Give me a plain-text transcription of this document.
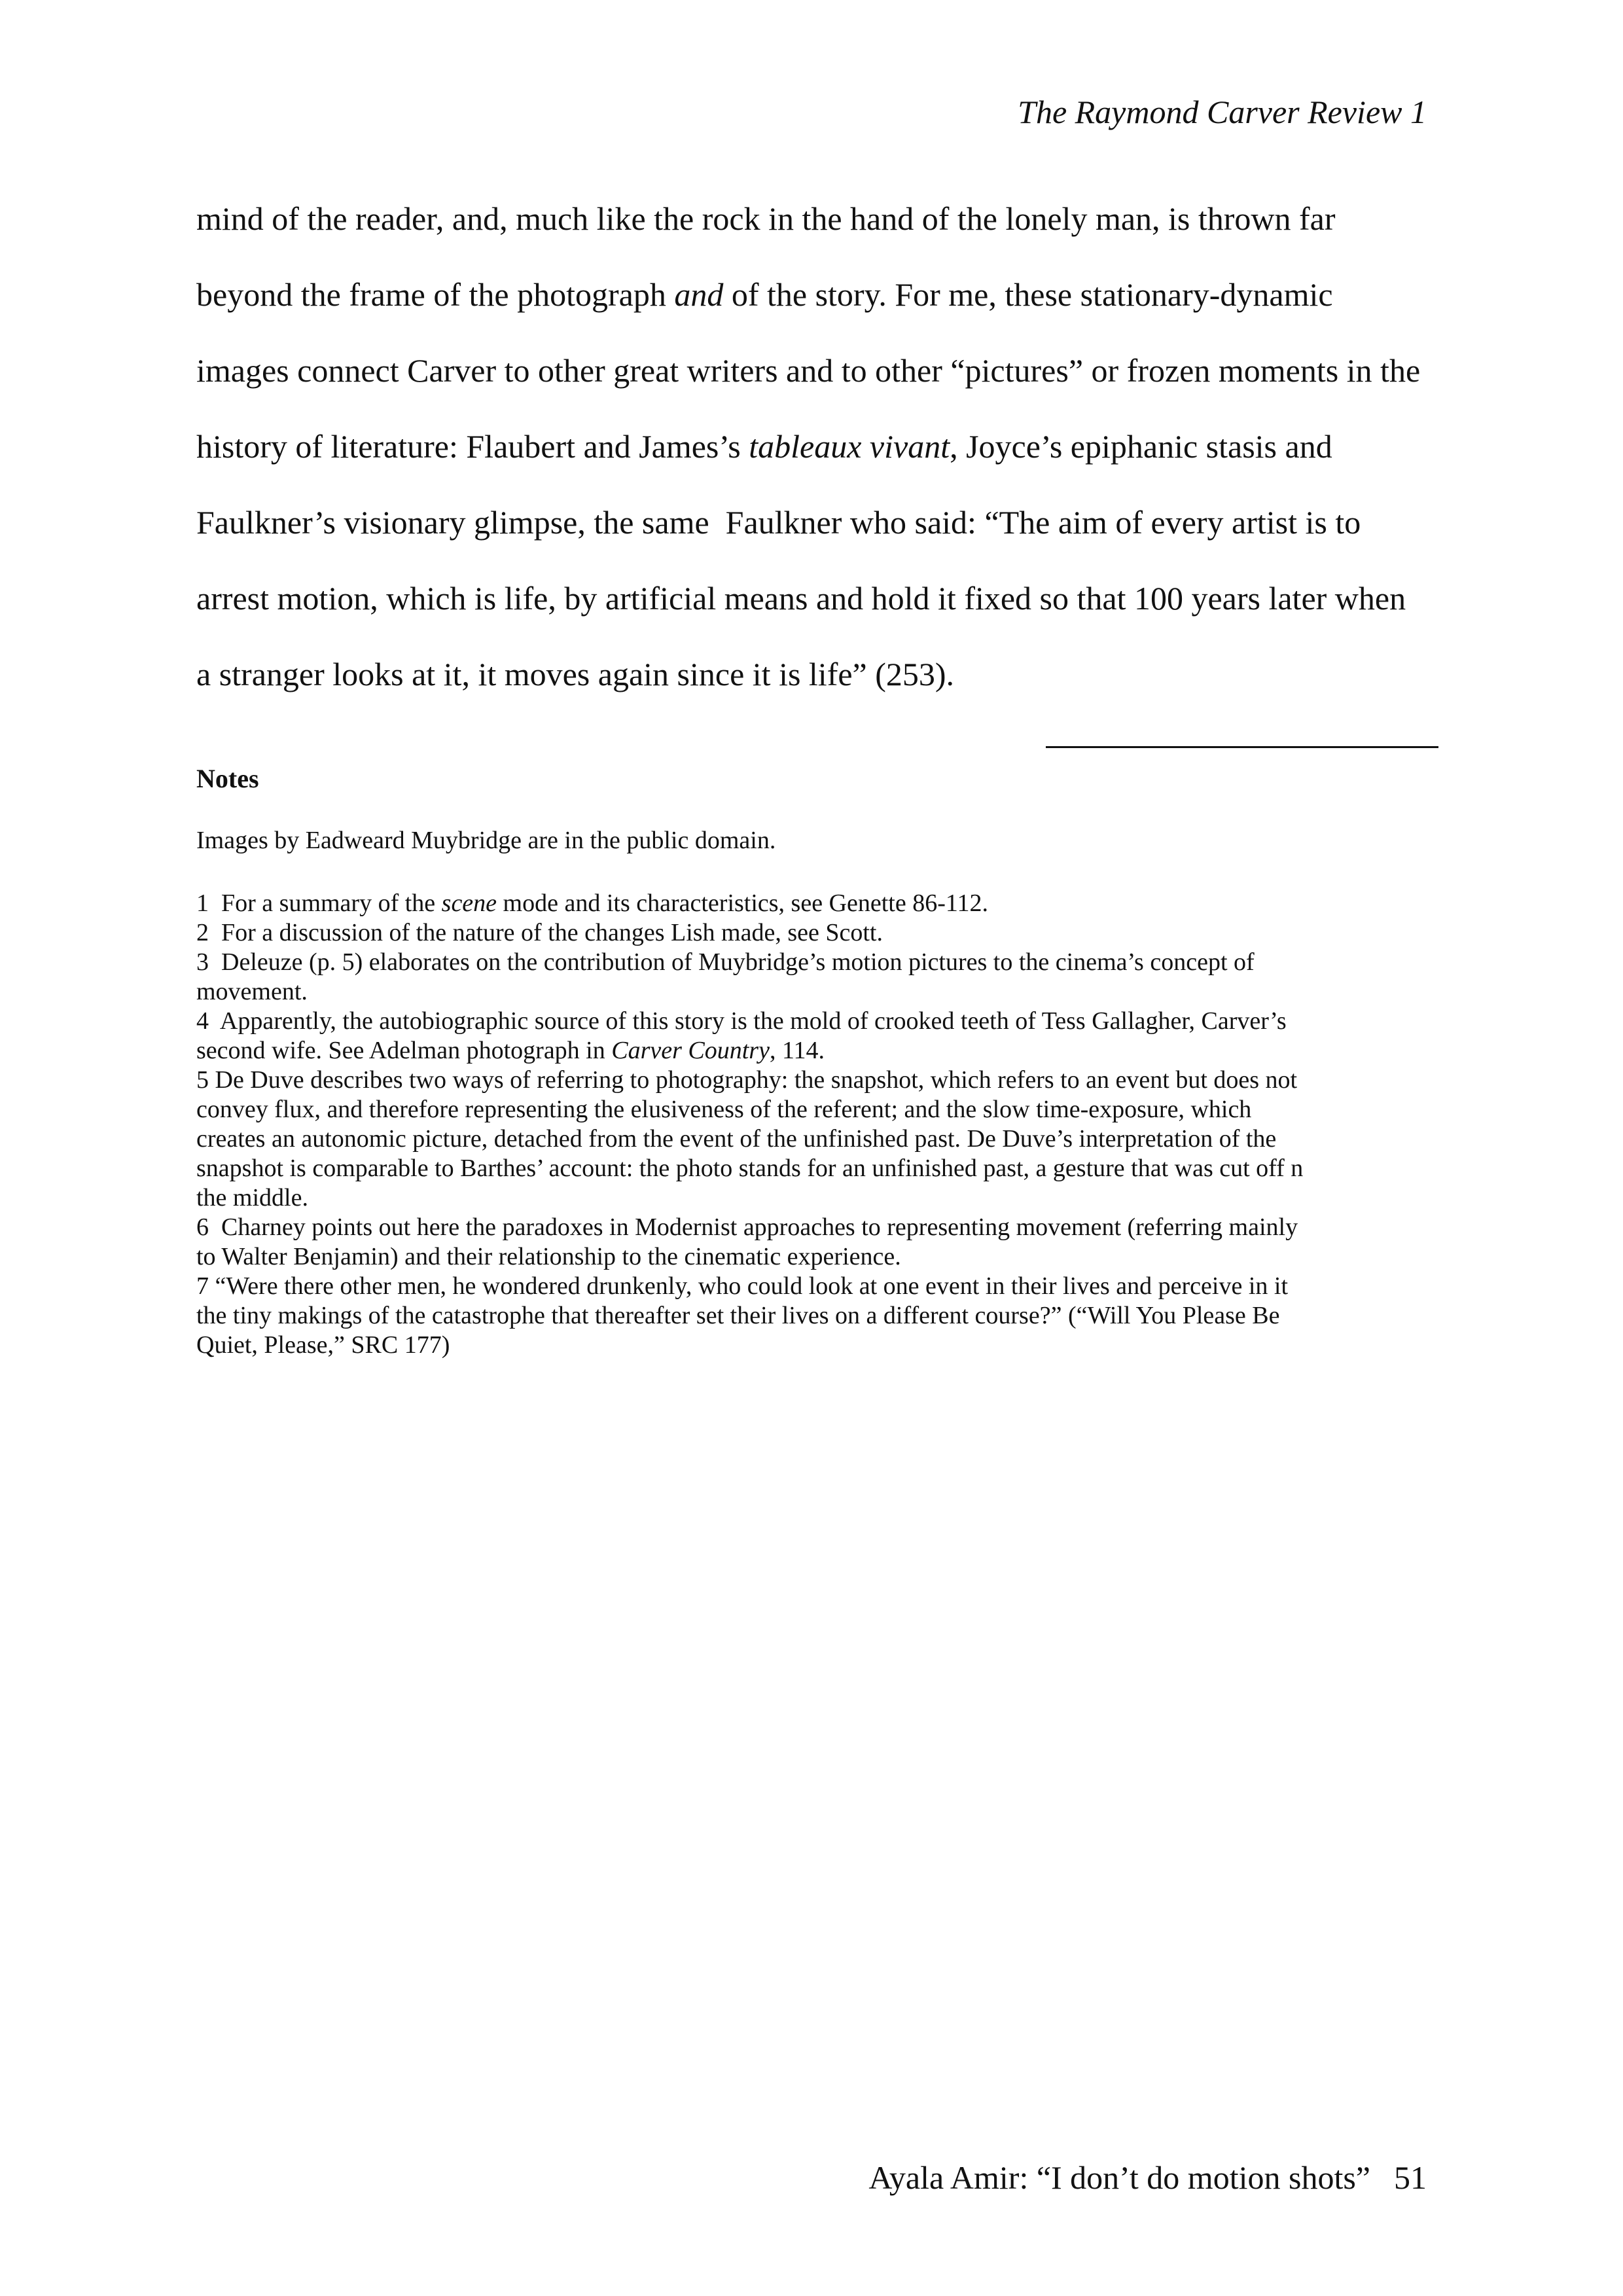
The Raymond Carver Review 1
mind of the reader, and, much like the rock in the hand of the lonely man, is thrown far
beyond the frame of the photograph and of the story. For me, these stationary-dynamic
images connect Carver to other great writers and to other “pictures” or frozen moments in the
history of literature: Flaubert and James’s tableaux vivant, Joyce’s epiphanic stasis and
Faulkner’s visionary glimpse, the same  Faulkner who said: “The aim of every artist is to
arrest motion, which is life, by artificial means and hold it fixed so that 100 years later when
a stranger looks at it, it moves again since it is life” (253).
Notes
Images by Eadweard Muybridge are in the public domain.
1  For a summary of the scene mode and its characteristics, see Genette 86-112.
2  For a discussion of the nature of the changes Lish made, see Scott.
3  Deleuze (p. 5) elaborates on the contribution of Muybridge’s motion pictures to the cinema’s concept of
movement.
4  Apparently, the autobiographic source of this story is the mold of crooked teeth of Tess Gallagher, Carver’s
second wife. See Adelman photograph in Carver Country, 114.
5 De Duve describes two ways of referring to photography: the snapshot, which refers to an event but does not
convey flux, and therefore representing the elusiveness of the referent; and the slow time-exposure, which
creates an autonomic picture, detached from the event of the unfinished past. De Duve’s interpretation of the
snapshot is comparable to Barthes’ account: the photo stands for an unfinished past, a gesture that was cut off n
the middle.
6  Charney points out here the paradoxes in Modernist approaches to representing movement (referring mainly
to Walter Benjamin) and their relationship to the cinematic experience.
7 “Were there other men, he wondered drunkenly, who could look at one event in their lives and perceive in it
the tiny makings of the catastrophe that thereafter set their lives on a different course?” (“Will You Please Be
Quiet, Please,” SRC 177)
Ayala Amir: “I don’t do motion shots” 51
